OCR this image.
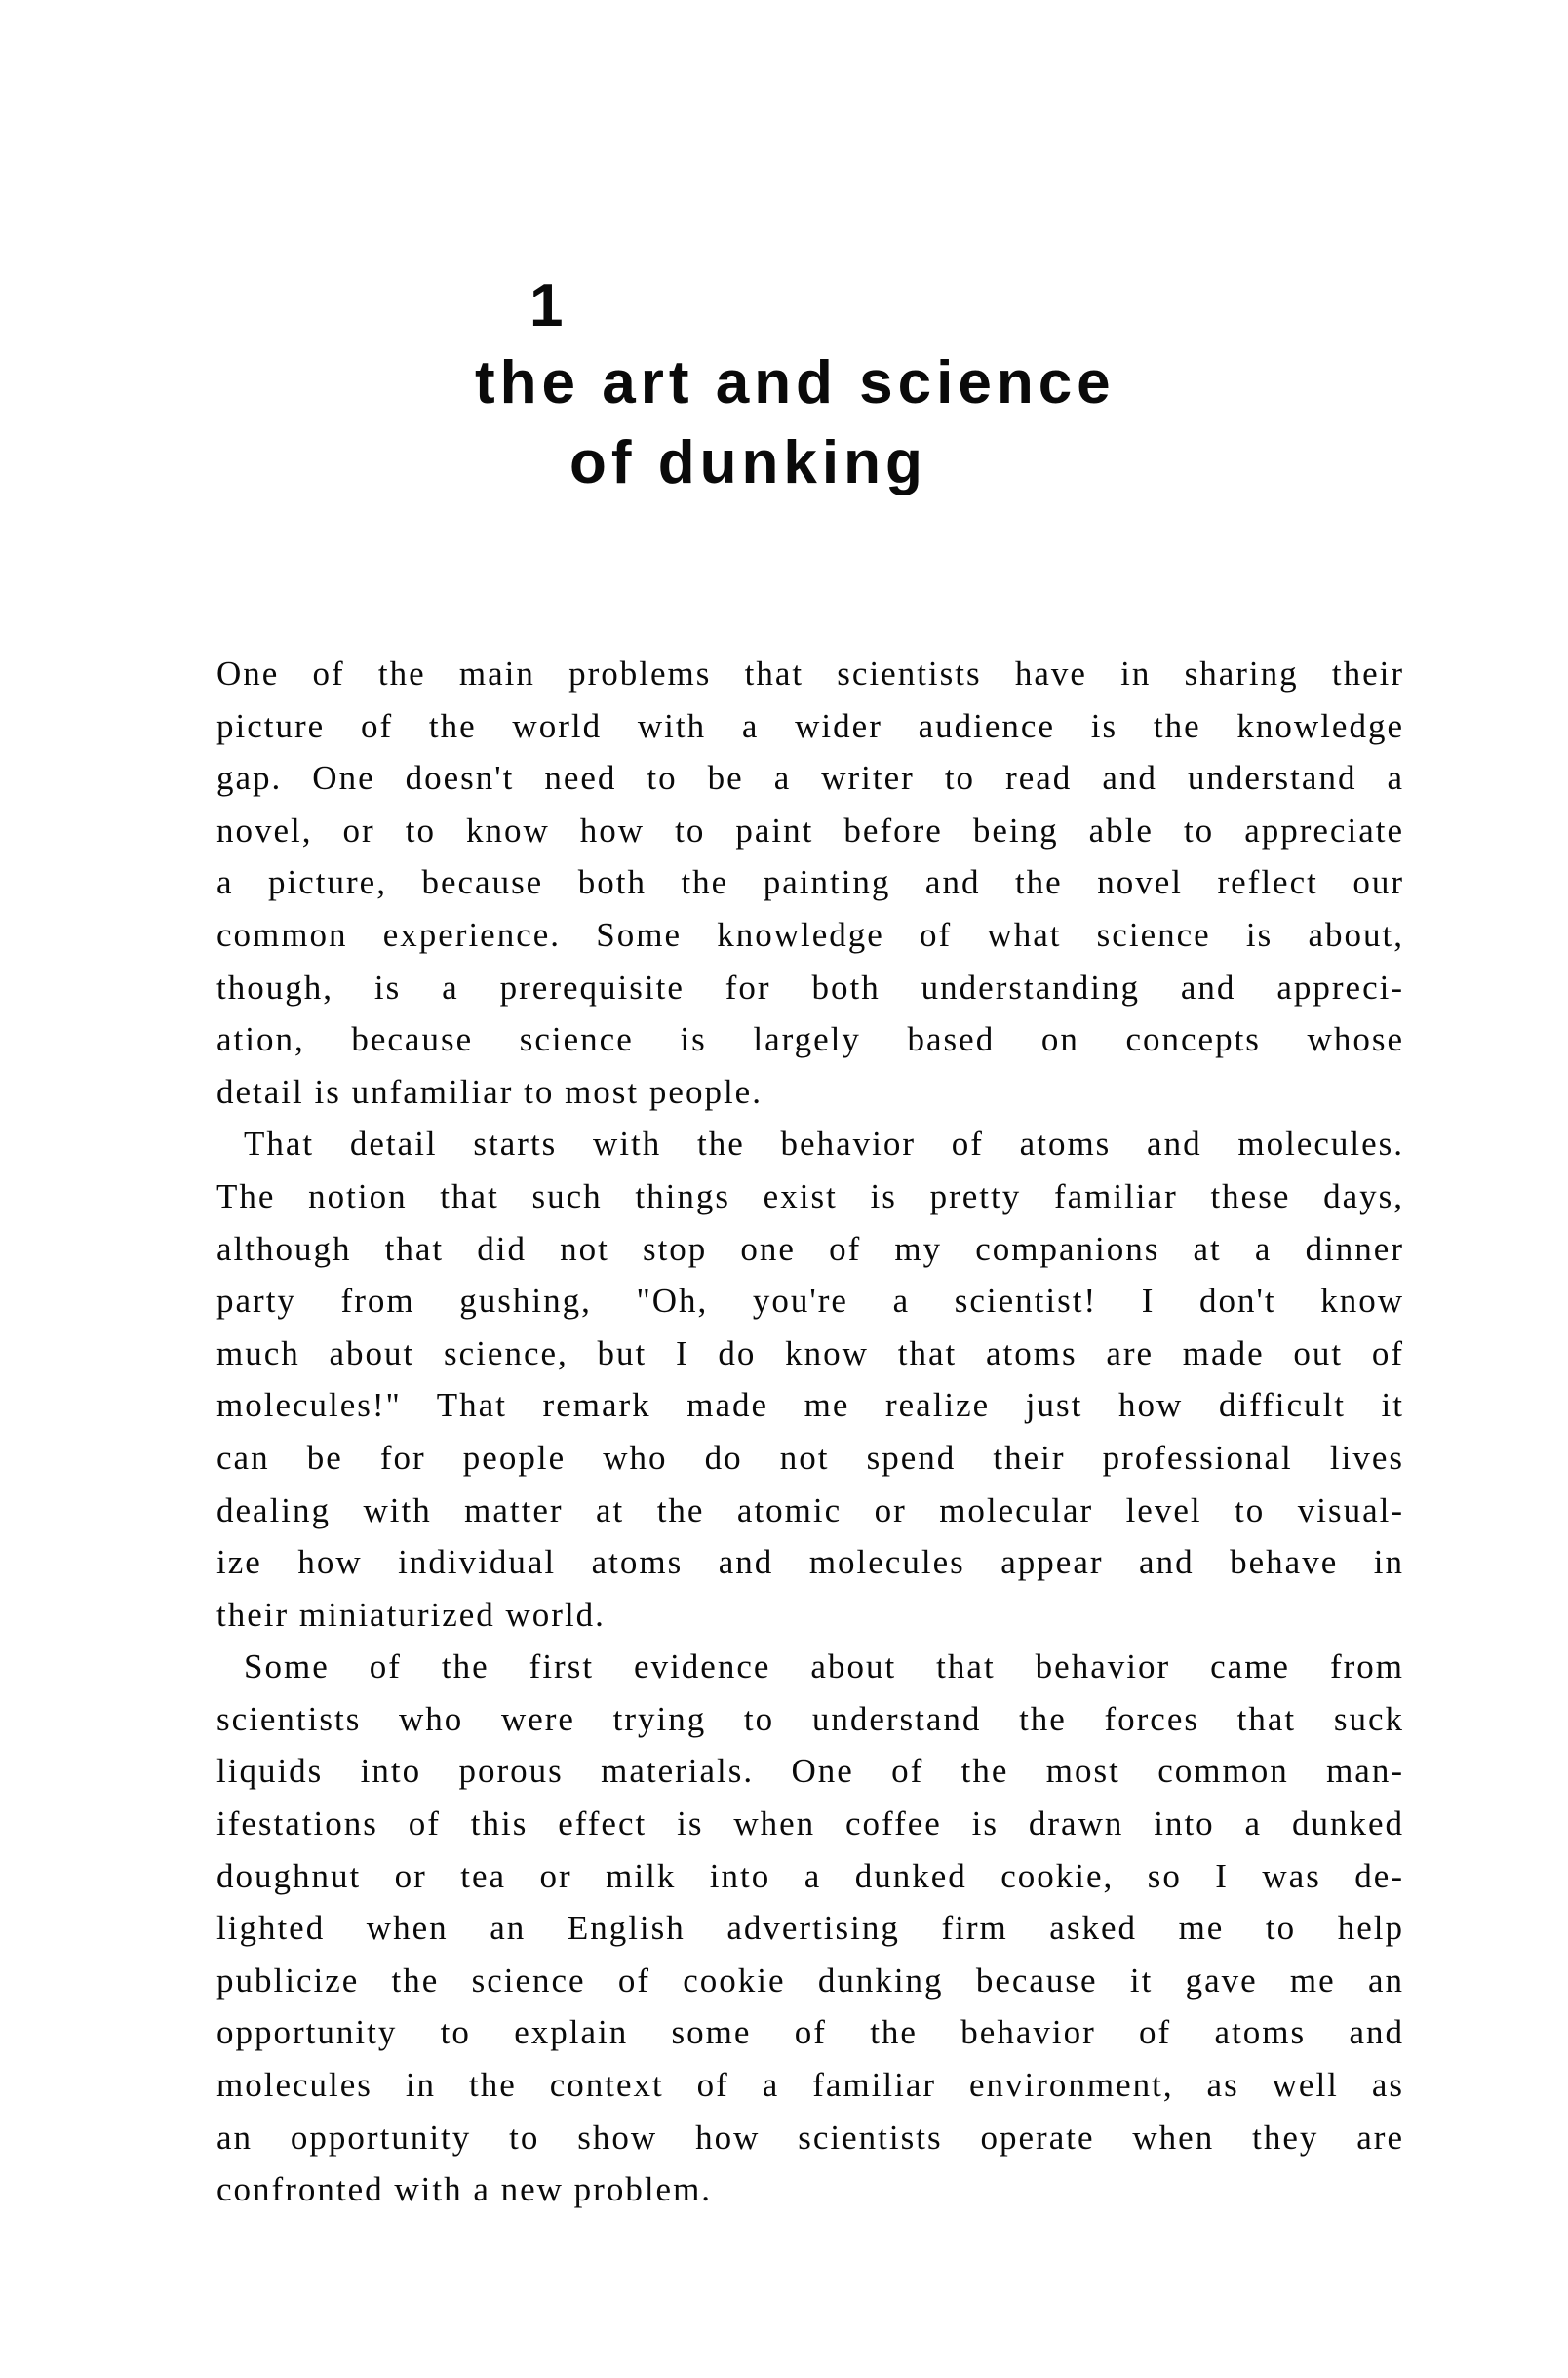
1
the art and science
of dunking
One of the main problems that scientists have in sharing their
picture of the world with a wider audience is the knowledge
gap. One doesn't need to be a writer to read and understand a
novel, or to know how to paint before being able to appreciate
a picture, because both the painting and the novel reflect our
common experience. Some knowledge of what science is about,
though, is a prerequisite for both understanding and appreci-
ation, because science is largely based on concepts whose
detail is unfamiliar to most people.
That detail starts with the behavior of atoms and molecules.
The notion that such things exist is pretty familiar these days,
although that did not stop one of my companions at a dinner
party from gushing, "Oh, you're a scientist! I don't know
much about science, but I do know that atoms are made out of
molecules!" That remark made me realize just how difficult it
can be for people who do not spend their professional lives
dealing with matter at the atomic or molecular level to visual-
ize how individual atoms and molecules appear and behave in
their miniaturized world.
Some of the first evidence about that behavior came from
scientists who were trying to understand the forces that suck
liquids into porous materials. One of the most common man-
ifestations of this effect is when coffee is drawn into a dunked
doughnut or tea or milk into a dunked cookie, so I was de-
lighted when an English advertising firm asked me to help
publicize the science of cookie dunking because it gave me an
opportunity to explain some of the behavior of atoms and
molecules in the context of a familiar environment, as well as
an opportunity to show how scientists operate when they are
confronted with a new problem.
